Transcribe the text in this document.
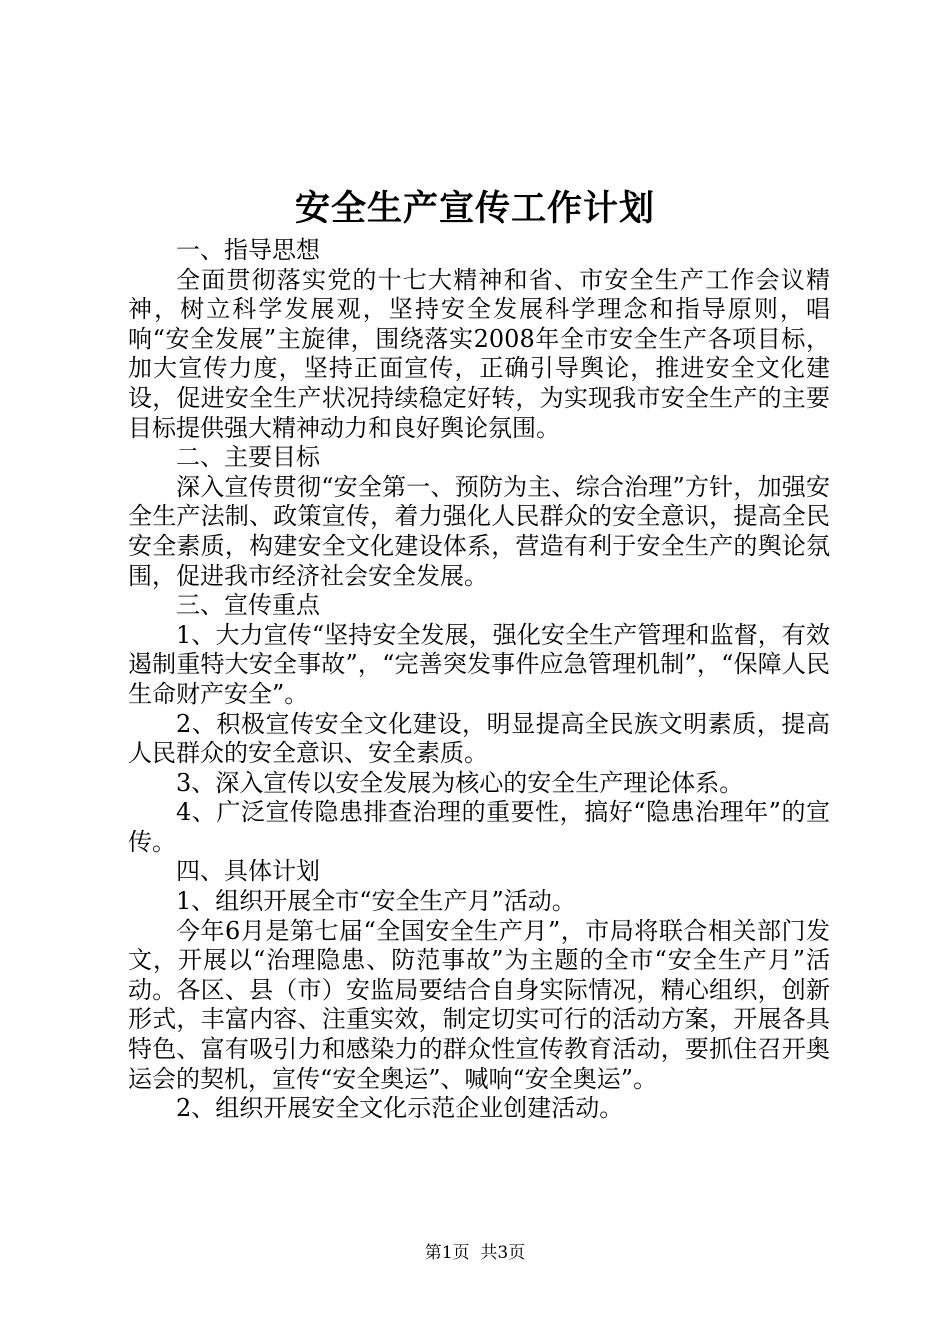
安全生产宣传工作计划

一、指导思想

全面贯彻落实党的十七大精神和省、市安全生产工作会议精神，树立科学发展观，坚持安全发展科学理念和指导原则，唱响“安全发展”主旋律，围绕落实2008年全市安全生产各项目标，加大宣传力度，坚持正面宣传，正确引导舆论，推进安全文化建设，促进安全生产状况持续稳定好转，为实现我市安全生产的主要目标提供强大精神动力和良好舆论氛围。

二、主要目标

深入宣传贯彻“安全第一、预防为主、综合治理”方针，加强安全生产法制、政策宣传，着力强化人民群众的安全意识，提高全民安全素质，构建安全文化建设体系，营造有利于安全生产的舆论氛围，促进我市经济社会安全发展。

三、宣传重点

1、大力宣传“坚持安全发展，强化安全生产管理和监督，有效遏制重特大安全事故”，“完善突发事件应急管理机制”，“保障人民生命财产安全”。

2、积极宣传安全文化建设，明显提高全民族文明素质，提高人民群众的安全意识、安全素质。

3、深入宣传以安全发展为核心的安全生产理论体系。

4、广泛宣传隐患排查治理的重要性，搞好“隐患治理年”的宣传。

四、具体计划

1、组织开展全市“安全生产月”活动。

今年6月是第七届“全国安全生产月”，市局将联合相关部门发文，开展以“治理隐患、防范事故”为主题的全市“安全生产月”活动。各区、县（市）安监局要结合自身实际情况，精心组织，创新形式，丰富内容、注重实效，制定切实可行的活动方案，开展各具特色、富有吸引力和感染力的群众性宣传教育活动，要抓住召开奥运会的契机，宣传“安全奥运”、喊响“安全奥运”。

2、组织开展安全文化示范企业创建活动。

第1页  共3页
